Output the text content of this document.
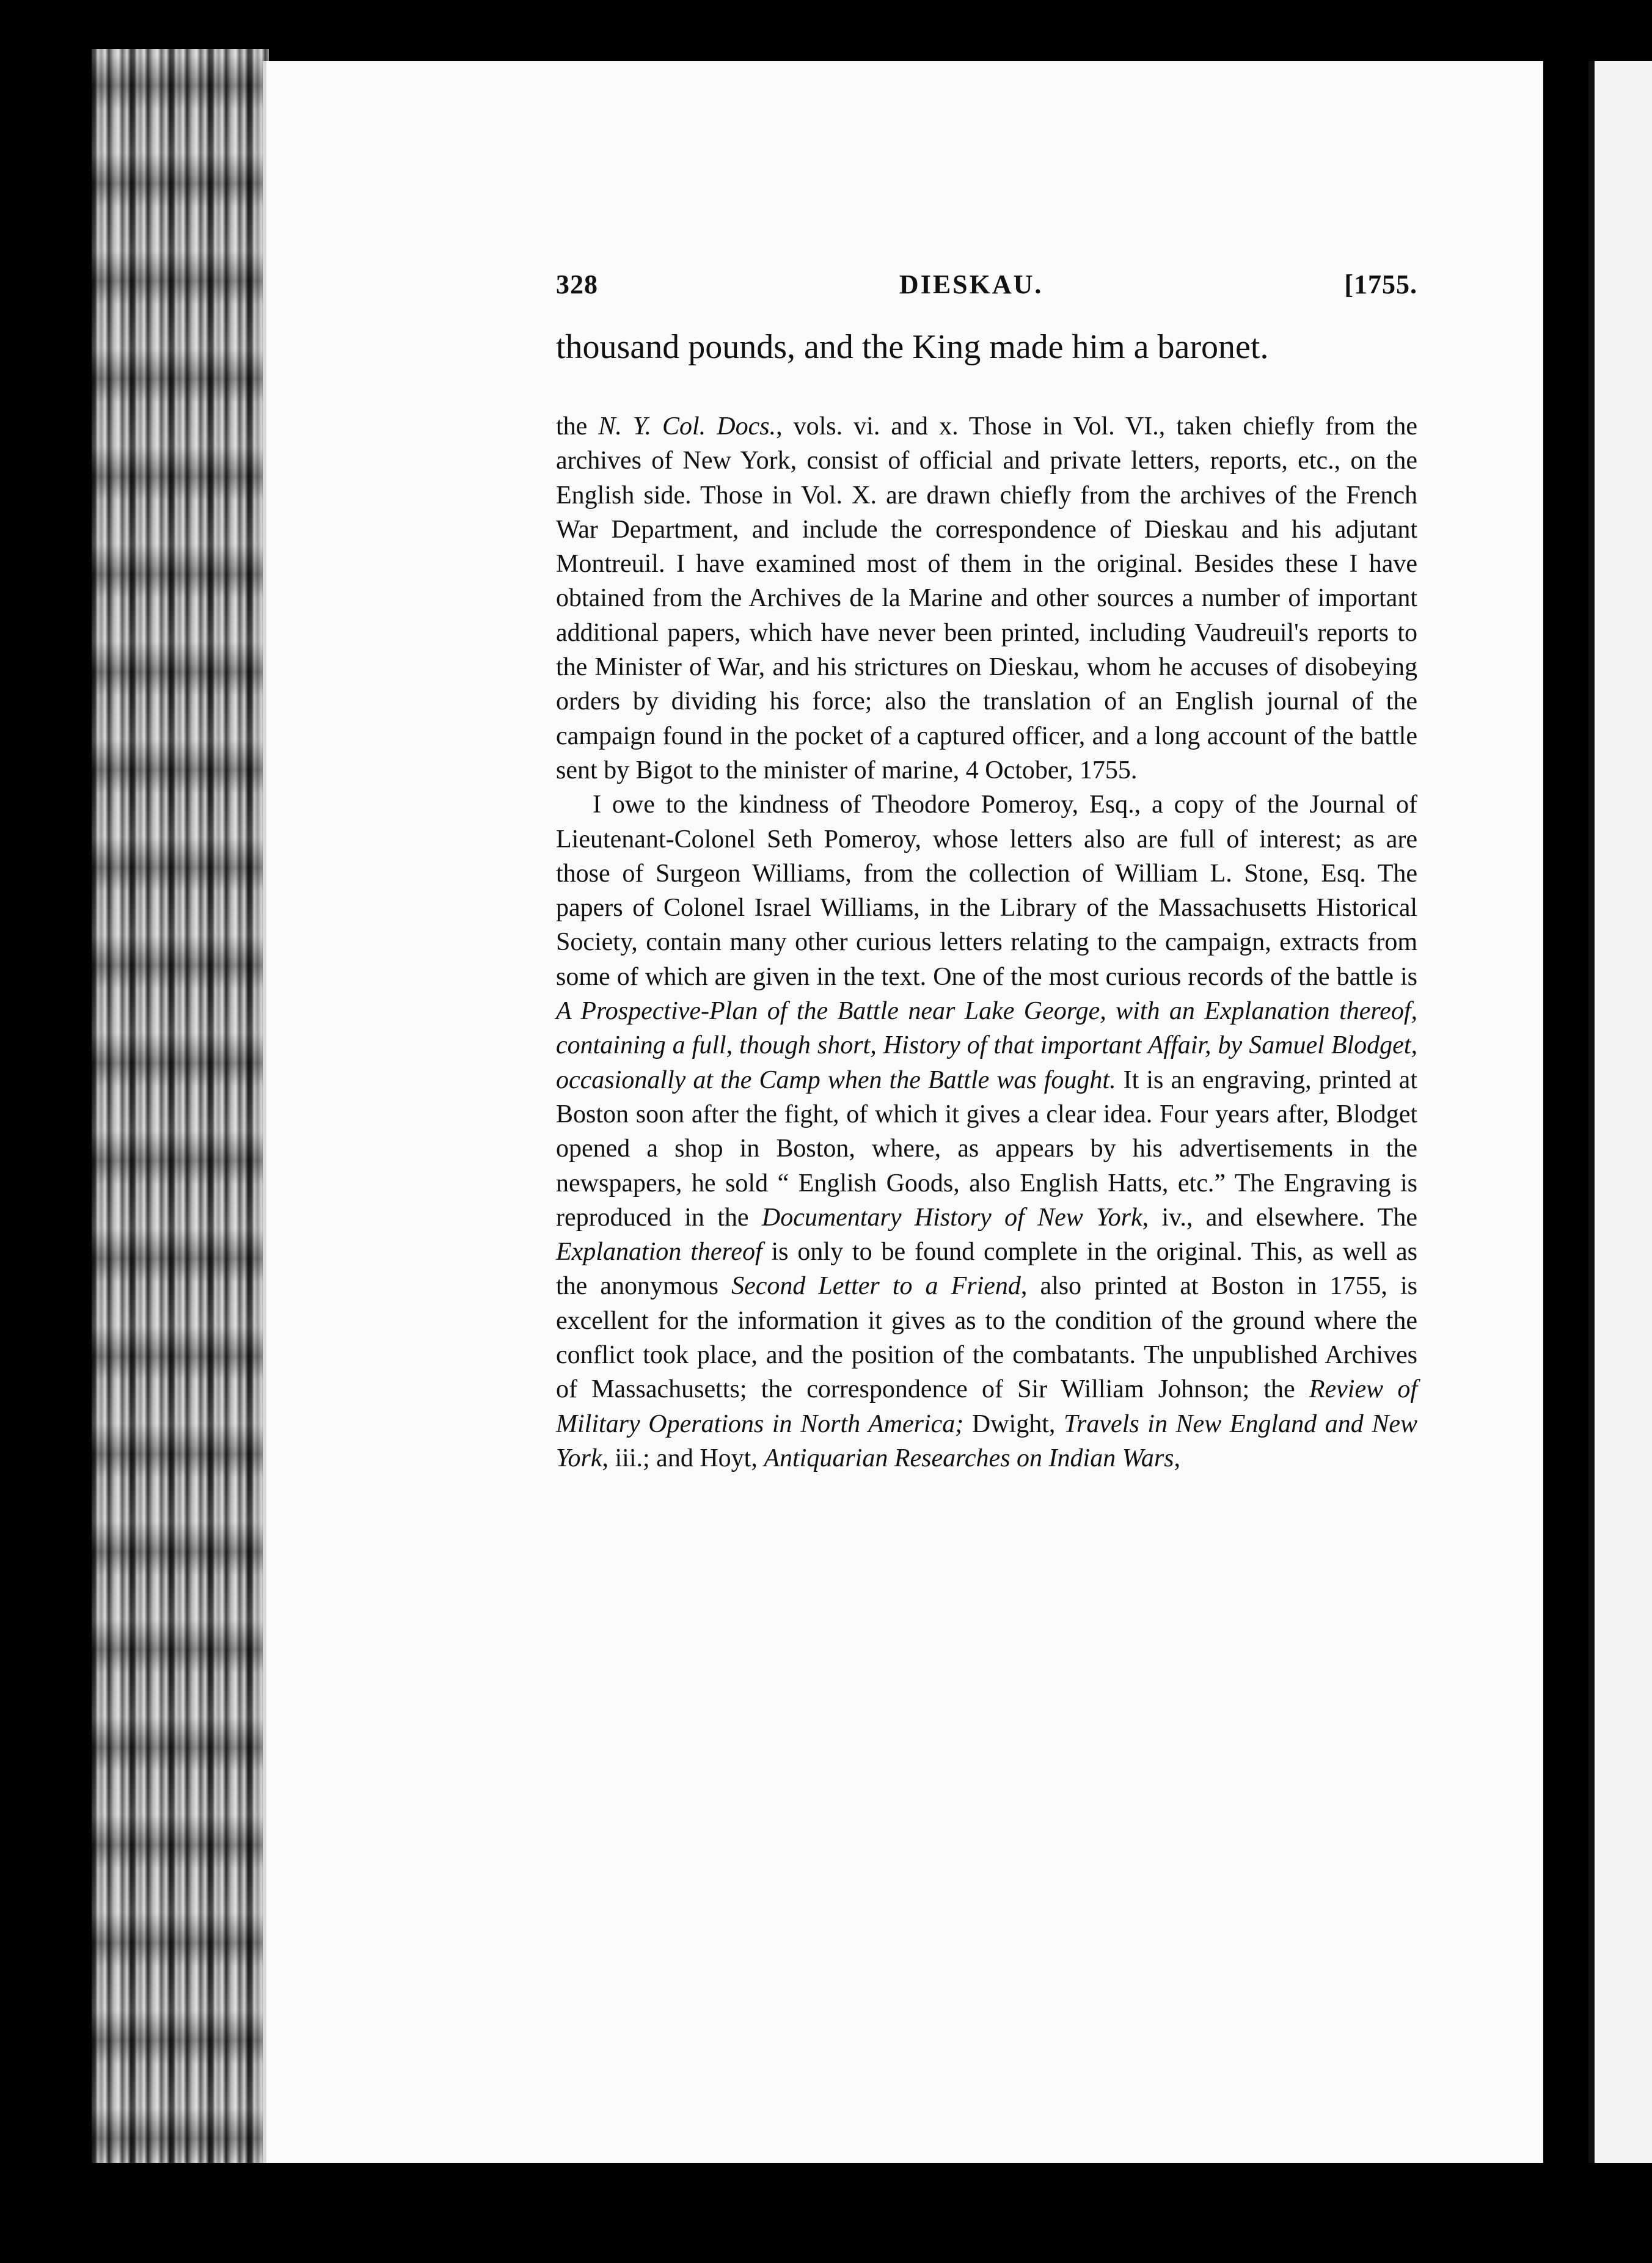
328	DIESKAU.	[1755.
thousand pounds, and the King made him a baronet.

the N. Y. Col. Docs., vols. vi. and x. Those in Vol. VI., taken chiefly from the archives of New York, consist of official and private letters, reports, etc., on the English side. Those in Vol. X. are drawn chiefly from the archives of the French War Department, and include the correspondence of Dieskau and his adjutant Montreuil. I have examined most of them in the original. Besides these I have obtained from the Archives de la Marine and other sources a number of important additional papers, which have never been printed, including Vaudreuil's reports to the Minister of War, and his strictures on Dieskau, whom he accuses of disobeying orders by dividing his force; also the translation of an English journal of the campaign found in the pocket of a captured officer, and a long account of the battle sent by Bigot to the minister of marine, 4 October, 1755.

I owe to the kindness of Theodore Pomeroy, Esq., a copy of the Journal of Lieutenant-Colonel Seth Pomeroy, whose letters also are full of interest; as are those of Surgeon Williams, from the collection of William L. Stone, Esq. The papers of Colonel Israel Williams, in the Library of the Massachusetts Historical Society, contain many other curious letters relating to the campaign, extracts from some of which are given in the text. One of the most curious records of the battle is A Prospective-Plan of the Battle near Lake George, with an Explanation thereof, containing a full, though short, History of that important Affair, by Samuel Blodget, occasionally at the Camp when the Battle was fought. It is an engraving, printed at Boston soon after the fight, of which it gives a clear idea. Four years after, Blodget opened a shop in Boston, where, as appears by his advertisements in the newspapers, he sold “ English Goods, also English Hatts, etc.” The Engraving is reproduced in the Documentary History of New York, iv., and elsewhere. The Explanation thereof is only to be found complete in the original. This, as well as the anonymous Second Letter to a Friend, also printed at Boston in 1755, is excellent for the information it gives as to the condition of the ground where the conflict took place, and the position of the combatants. The unpublished Archives of Massachusetts; the correspondence of Sir William Johnson; the Review of Military Operations in North America; Dwight, Travels in New England and New York, iii.; and Hoyt, Antiquarian Researches on Indian Wars,
